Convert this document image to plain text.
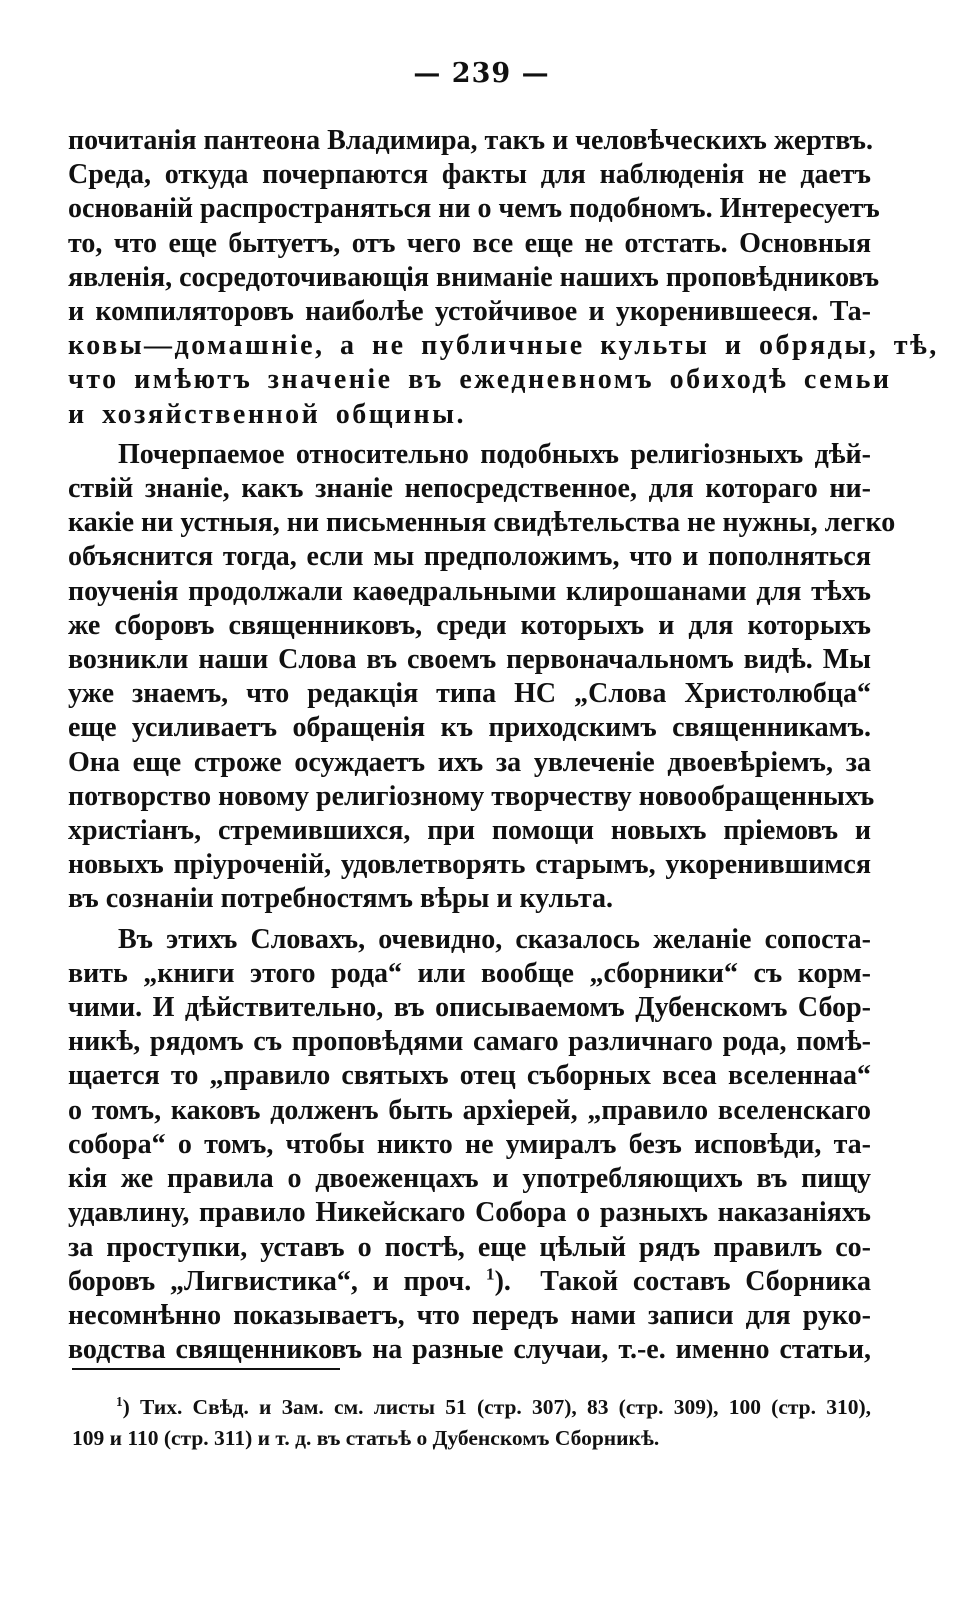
— 239 —
почитанія пантеона Владимира, такъ и человѣческихъ жертвъ.
Среда, откуда почерпаются факты для наблюденія не даетъ
основаній распространяться ни о чемъ подобномъ. Интересуетъ
то, что еще бытуетъ, отъ чего все еще не отстать. Основныя
явленія, сосредоточивающія вниманіе нашихъ проповѣдниковъ
и компиляторовъ наиболѣе устойчивое и укоренившееся. Та-
ковы—домашніе, а не публичные культы и обряды, тѣ,
что имѣютъ значеніе въ ежедневномъ обиходѣ семьи
и хозяйственной общины.
Почерпаемое относительно подобныхъ религіозныхъ дѣй-
ствій знаніе, какъ знаніе непосредственное, для котораго ни-
какіе ни устныя, ни письменныя свидѣтельства не нужны, легко
объяснится тогда, если мы предположимъ, что и пополняться
поученія продолжали каѳедральными клирошанами для тѣхъ
же сборовъ священниковъ, среди которыхъ и для которыхъ
возникли наши Слова въ своемъ первоначальномъ видѣ. Мы
уже знаемъ, что редакція типа НС „Слова Христолюбца“
еще усиливаетъ обращенія къ приходскимъ священникамъ.
Она еще строже осуждаетъ ихъ за увлеченіе двоевѣріемъ, за
потворство новому религіозному творчеству новообращенныхъ
христіанъ, стремившихся, при помощи новыхъ пріемовъ и
новыхъ пріуроченій, удовлетворять старымъ, укоренившимся
въ сознаніи потребностямъ вѣры и культа.
Въ этихъ Словахъ, очевидно, сказалось желаніе сопоста-
вить „книги этого рода“ или вообще „сборники“ съ корм-
чими. И дѣйствительно, въ описываемомъ Дубенскомъ Сбор-
никѣ, рядомъ съ проповѣдями самаго различнаго рода, помѣ-
щается то „правило святыхъ отец съборных всеа вселеннаа“
о томъ, каковъ долженъ быть архіерей, „правило вселенскаго
собора“ о томъ, чтобы никто не умиралъ безъ исповѣди, та-
кія же правила о двоеженцахъ и употребляющихъ въ пищу
удавлину, правило Никейскаго Собора о разныхъ наказаніяхъ
за проступки, уставъ о постѣ, еще цѣлый рядъ правилъ со-
боровъ „Лигвистика“, и проч. $^1$). Такой составъ Сборника
несомнѣнно показываетъ, что передъ нами записи для руко-
водства священниковъ на разные случаи, т.-е. именно статьи,
$^1$) Тих. Свѣд. и Зам. см. листы 51 (стр. 307), 83 (стр. 309), 100 (стр. 310),
109 и 110 (стр. 311) и т. д. въ статьѣ о Дубенскомъ Сборникѣ.
